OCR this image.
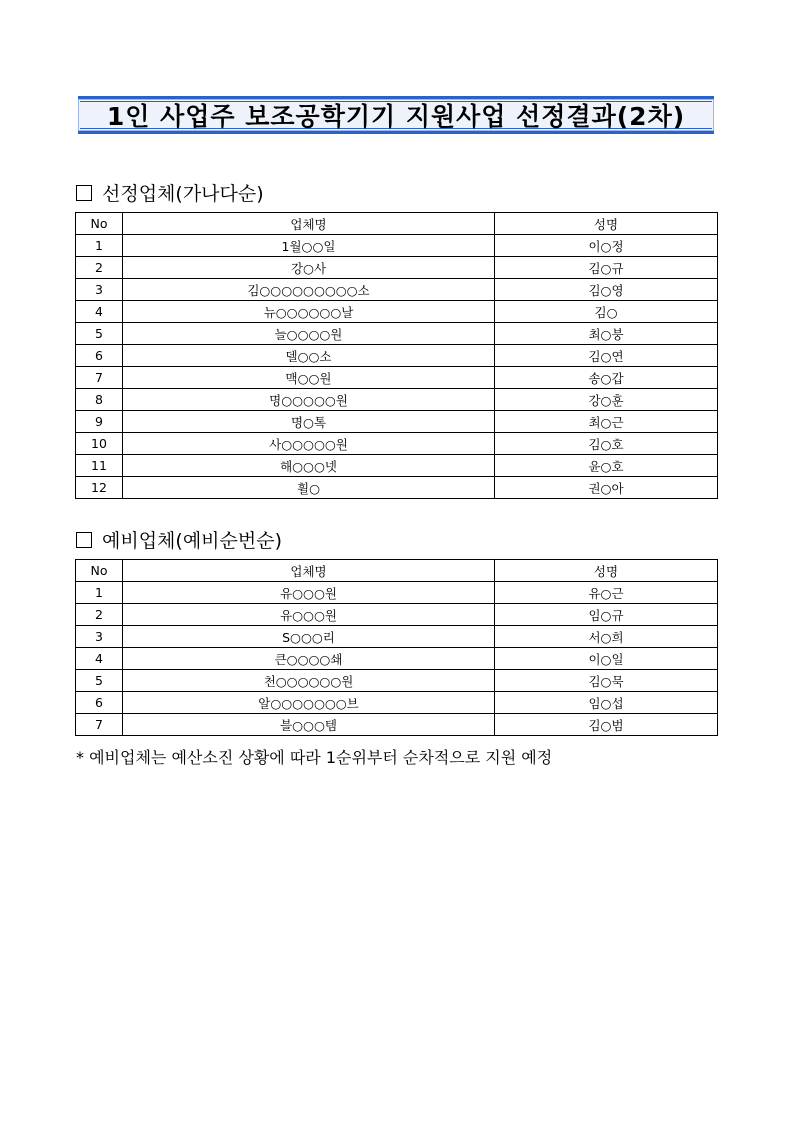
1인 사업주 보조공학기기 지원사업 선정결과(2차)
선정업체(가나다순)
No	업체명	성명
1	1월○○일	이○정
2	강○사	김○규
3	김○○○○○○○○○소	김○영
4	뉴○○○○○○날	김○
5	늘○○○○원	최○붕
6	델○○소	김○연
7	맥○○원	송○갑
8	명○○○○○원	강○훈
9	명○톡	최○근
10	사○○○○○원	김○호
11	해○○○넷	윤○호
12	휠○	권○아
예비업체(예비순번순)
No	업체명	성명
1	유○○○원	유○근
2	유○○○원	임○규
3	S○○○리	서○희
4	큰○○○○쇄	이○일
5	천○○○○○○원	김○묵
6	알○○○○○○○브	임○섭
7	블○○○템	김○범
* 예비업체는 예산소진 상황에 따라 1순위부터 순차적으로 지원 예정
